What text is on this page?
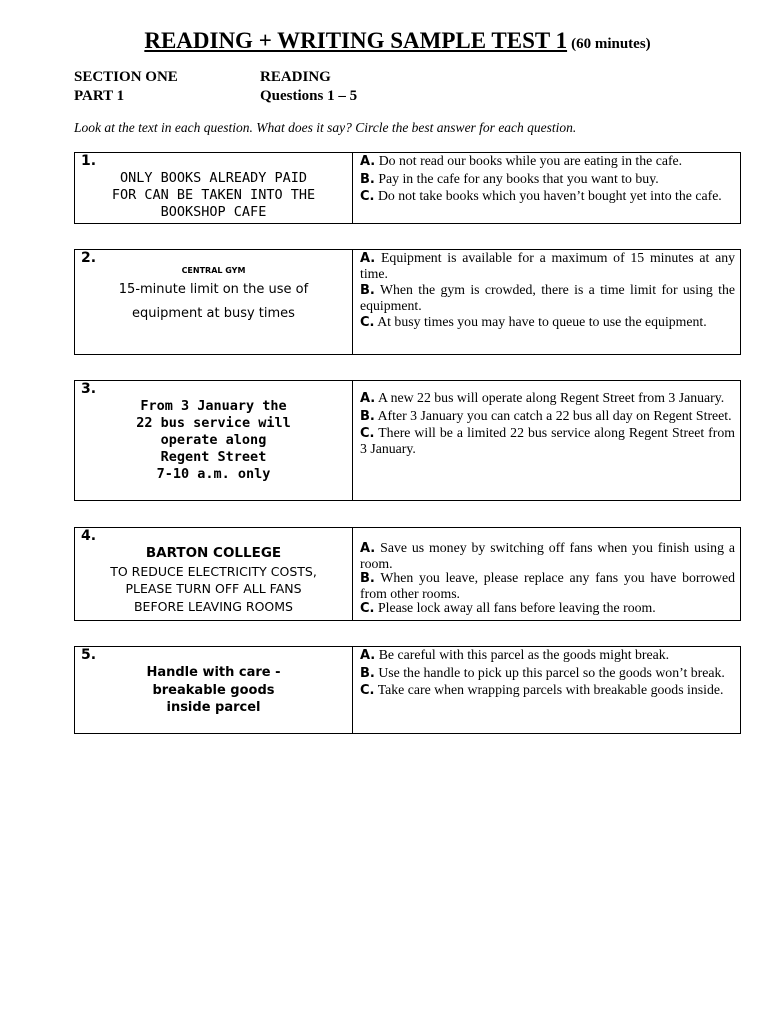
READING + WRITING SAMPLE TEST 1 (60 minutes)
SECTION ONE	READING
PART 1	Questions 1 – 5
Look at the text in each question. What does it say? Circle the best answer for each question.
1.
ONLY BOOKS ALREADY PAID
FOR CAN BE TAKEN INTO THE
BOOKSHOP CAFE
A. Do not read our books while you are eating in the cafe.
B. Pay in the cafe for any books that you want to buy.
C. Do not take books which you haven’t bought yet into the cafe.
2.
CENTRAL GYM
15-minute limit on the use of
equipment at busy times
A. Equipment is available for a maximum of 15 minutes at any time.
B. When the gym is crowded, there is a time limit for using the equipment.
C. At busy times you may have to queue to use the equipment.
3.
From 3 January the
22 bus service will
operate along
Regent Street
7-10 a.m. only
A. A new 22 bus will operate along Regent Street from 3 January.
B. After 3 January you can catch a 22 bus all day on Regent Street.
C. There will be a limited 22 bus service along Regent Street from 3 January.
4.
BARTON COLLEGE
TO REDUCE ELECTRICITY COSTS,
PLEASE TURN OFF ALL FANS
BEFORE LEAVING ROOMS
A. Save us money by switching off fans when you finish using a room.
B. When you leave, please replace any fans you have borrowed from other rooms.
C. Please lock away all fans before leaving the room.
5.
Handle with care -
breakable goods
inside parcel
A. Be careful with this parcel as the goods might break.
B. Use the handle to pick up this parcel so the goods won’t break.
C. Take care when wrapping parcels with breakable goods inside.
